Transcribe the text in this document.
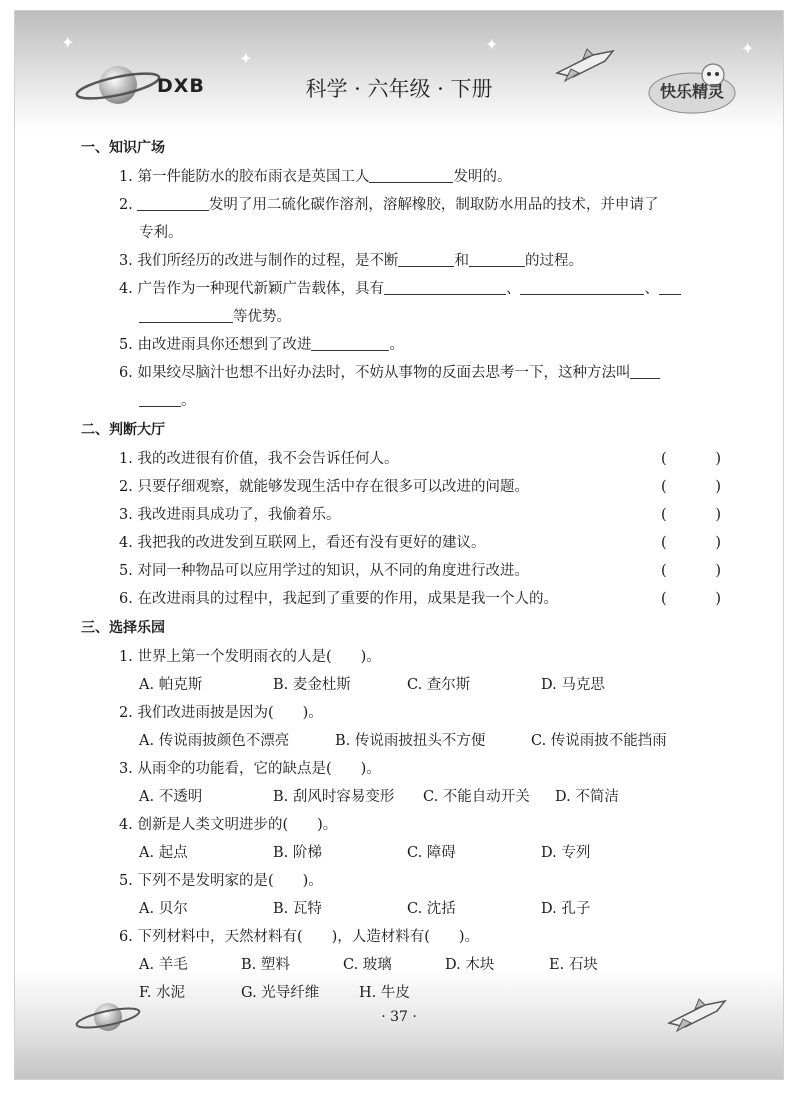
✦
✦
✦	✦
DXB	科学 · 六年级 · 下册	快乐精灵
· 37 ·
一、知识广场
1. 第一件能防水的胶布雨衣是英国工人	发明的。
2.	发明了用二硫化碳作溶剂，溶解橡胶，制取防水用品的技术，并申请了
专利。
3. 我们所经历的改进与制作的过程，是不断	和	的过程。
4. 广告作为一种现代新颖广告载体，具有	、	、
等优势。
5. 由改进雨具你还想到了改进	。
6. 如果绞尽脑汁也想不出好办法时，不妨从事物的反面去思考一下，这种方法叫
。
二、判断大厅
1. 我的改进很有价值，我不会告诉任何人。	(	)
2. 只要仔细观察，就能够发现生活中存在很多可以改进的问题。	(	)
3. 我改进雨具成功了，我偷着乐。	(	)
4. 我把我的改进发到互联网上，看还有没有更好的建议。	(	)
5. 对同一种物品可以应用学过的知识，从不同的角度进行改进。	(	)
6. 在改进雨具的过程中，我起到了重要的作用，成果是我一个人的。	(	)
三、选择乐园
1. 世界上第一个发明雨衣的人是(　　)。
A. 帕克斯	B. 麦金杜斯	C. 查尔斯	D. 马克思
2. 我们改进雨披是因为(　　)。
A. 传说雨披颜色不漂亮	B. 传说雨披扭头不方便	C. 传说雨披不能挡雨
3. 从雨伞的功能看，它的缺点是(　　)。
A. 不透明	B. 刮风时容易变形	C. 不能自动开关	D. 不简洁
4. 创新是人类文明进步的(　　)。
A. 起点	B. 阶梯	C. 障碍	D. 专列
5. 下列不是发明家的是(　　)。
A. 贝尔	B. 瓦特	C. 沈括	D. 孔子
6. 下列材料中，天然材料有(　　)，人造材料有(　　)。
A. 羊毛	B. 塑料	C. 玻璃	D. 木块	E. 石块
F. 水泥	G. 光导纤维	H. 牛皮
